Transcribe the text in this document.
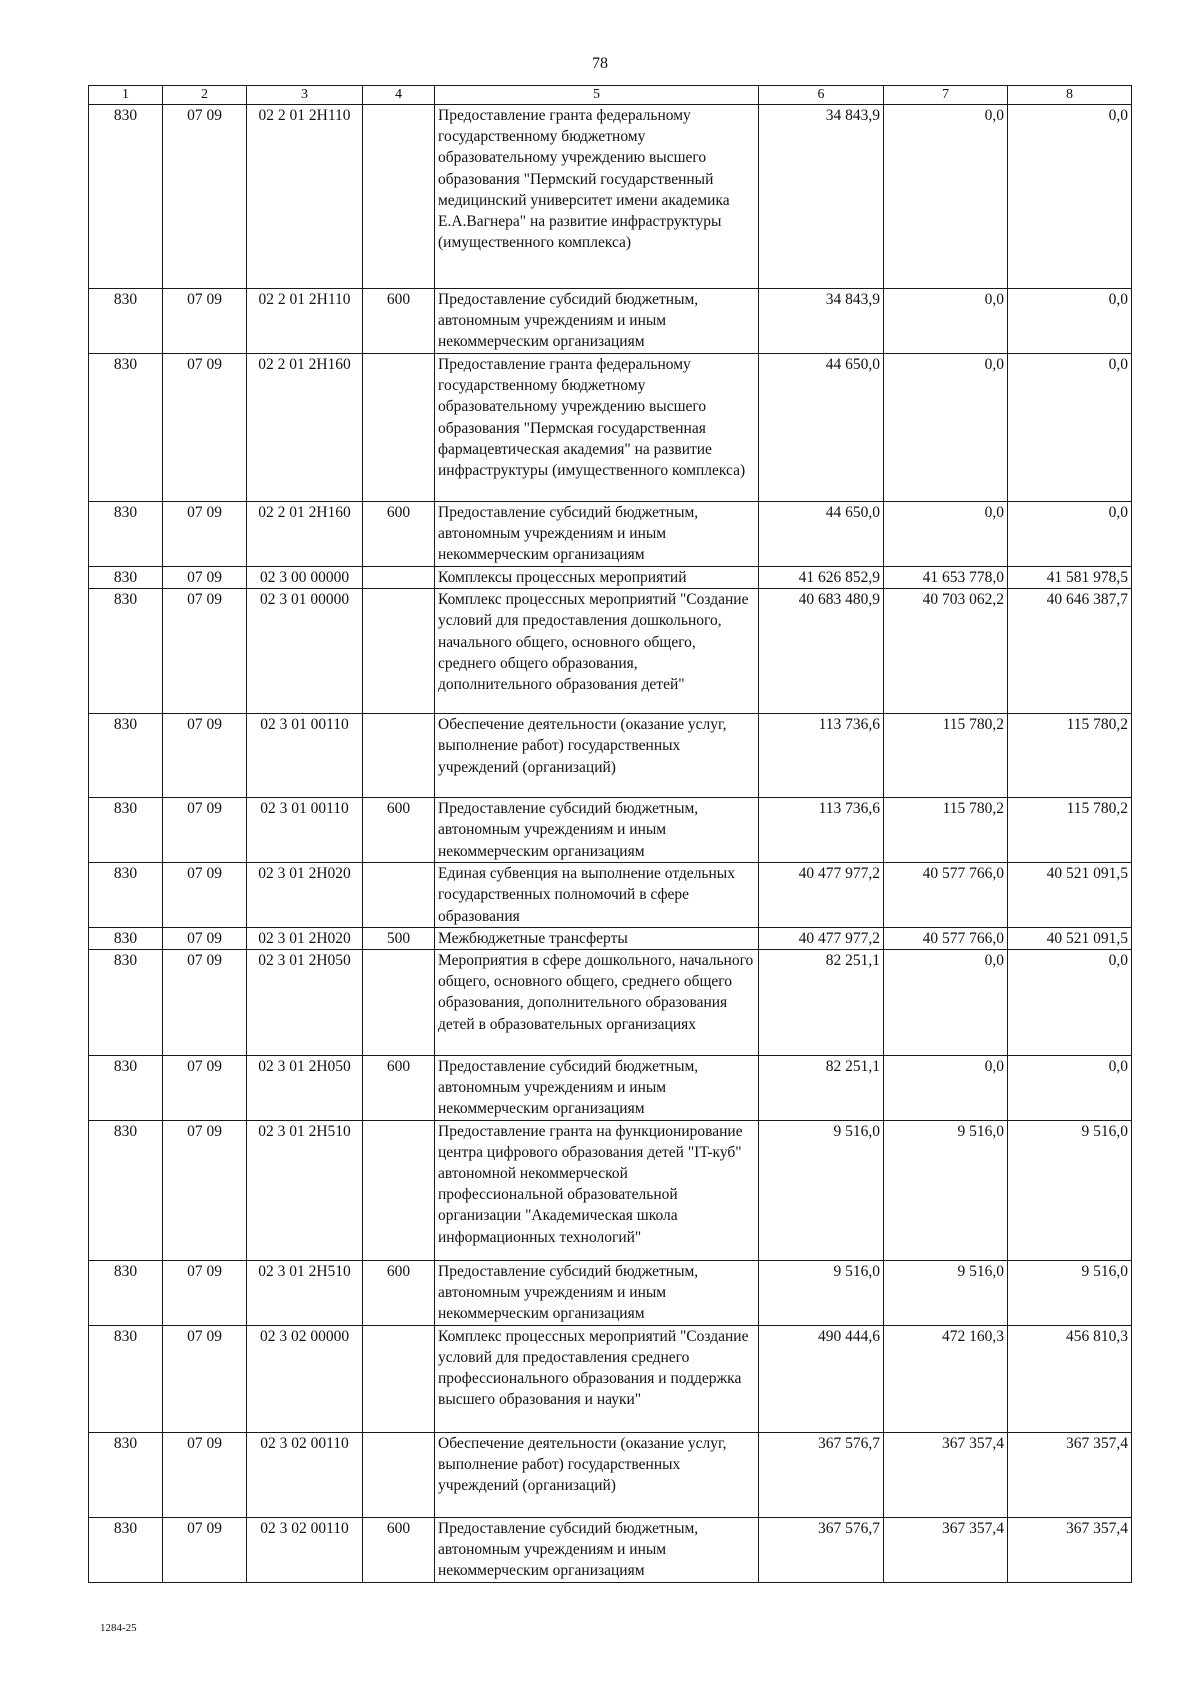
78
1	2	3	4	5	6	7	8
830	07 09	02 2 01 2Н110		Предоставление гранта федеральному государственному бюджетному образовательному учреждению высшего образования "Пермский государственный медицинский университет имени академика Е.А.Вагнера" на развитие инфраструктуры (имущественного комплекса)	34 843,9	0,0	0,0
830	07 09	02 2 01 2Н110	600	Предоставление субсидий бюджетным, автономным учреждениям и иным некоммерческим организациям	34 843,9	0,0	0,0
830	07 09	02 2 01 2Н160		Предоставление гранта федеральному государственному бюджетному образовательному учреждению высшего образования "Пермская государственная фармацевтическая академия" на развитие инфраструктуры (имущественного комплекса)	44 650,0	0,0	0,0
830	07 09	02 2 01 2Н160	600	Предоставление субсидий бюджетным, автономным учреждениям и иным некоммерческим организациям	44 650,0	0,0	0,0
830	07 09	02 3 00 00000		Комплексы процессных мероприятий	41 626 852,9	41 653 778,0	41 581 978,5
830	07 09	02 3 01 00000		Комплекс процессных мероприятий "Создание условий для предоставления дошкольного, начального общего, основного общего, среднего общего образования, дополнительного образования детей"	40 683 480,9	40 703 062,2	40 646 387,7
830	07 09	02 3 01 00110		Обеспечение деятельности (оказание услуг, выполнение работ) государственных учреждений (организаций)	113 736,6	115 780,2	115 780,2
830	07 09	02 3 01 00110	600	Предоставление субсидий бюджетным, автономным учреждениям и иным некоммерческим организациям	113 736,6	115 780,2	115 780,2
830	07 09	02 3 01 2Н020		Единая субвенция на выполнение отдельных государственных полномочий в сфере образования	40 477 977,2	40 577 766,0	40 521 091,5
830	07 09	02 3 01 2Н020	500	Межбюджетные трансферты	40 477 977,2	40 577 766,0	40 521 091,5
830	07 09	02 3 01 2Н050		Мероприятия в сфере дошкольного, начального общего, основного общего, среднего общего образования, дополнительного образования детей в образовательных организациях	82 251,1	0,0	0,0
830	07 09	02 3 01 2Н050	600	Предоставление субсидий бюджетным, автономным учреждениям и иным некоммерческим организациям	82 251,1	0,0	0,0
830	07 09	02 3 01 2Н510		Предоставление гранта на функционирование центра цифрового образования детей "IT-куб" автономной некоммерческой профессиональной образовательной организации "Академическая школа информационных технологий"	9 516,0	9 516,0	9 516,0
830	07 09	02 3 01 2Н510	600	Предоставление субсидий бюджетным, автономным учреждениям и иным некоммерческим организациям	9 516,0	9 516,0	9 516,0
830	07 09	02 3 02 00000		Комплекс процессных мероприятий "Создание условий для предоставления среднего профессионального образования и поддержка высшего образования и науки"	490 444,6	472 160,3	456 810,3
830	07 09	02 3 02 00110		Обеспечение деятельности (оказание услуг, выполнение работ) государственных учреждений (организаций)	367 576,7	367 357,4	367 357,4
830	07 09	02 3 02 00110	600	Предоставление субсидий бюджетным, автономным учреждениям и иным некоммерческим организациям	367 576,7	367 357,4	367 357,4
1284-25
